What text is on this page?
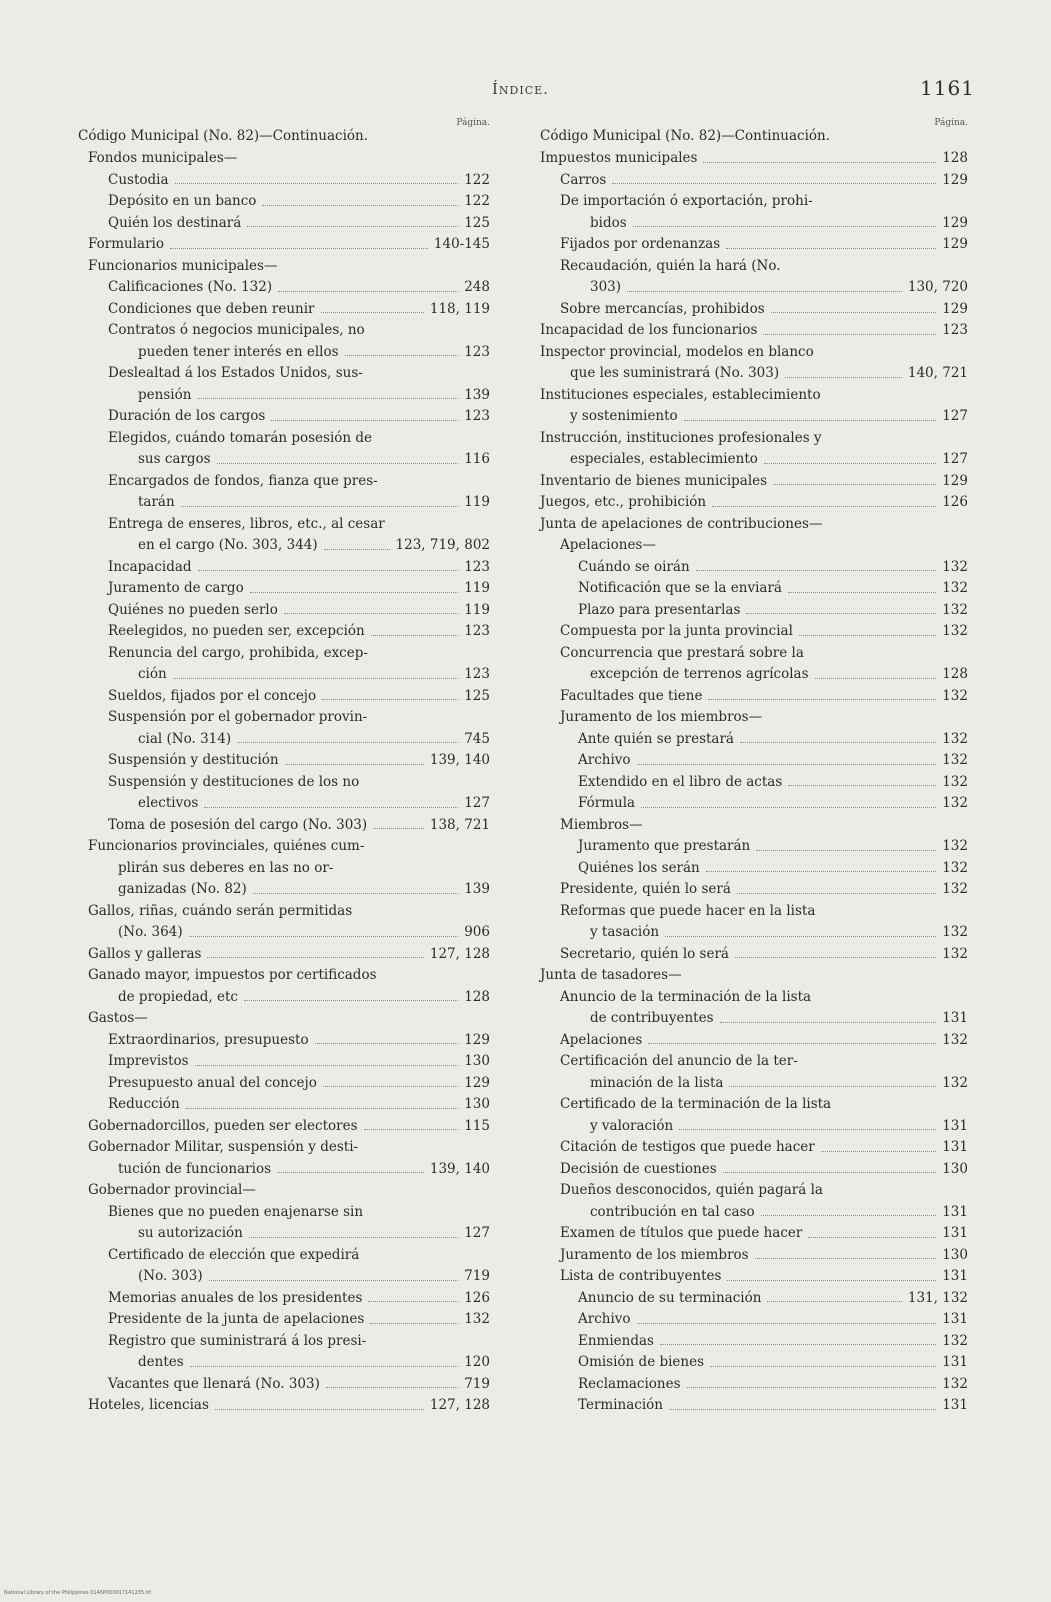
Índice.	1161
Página.
Código Municipal (No. 82)—Continuación.
Fondos municipales—
Custodia	122
Depósito en un banco	122
Quién los destinará	125
Formulario	140-145
Funcionarios municipales—
Calificaciones (No. 132)	248
Condiciones que deben reunir	118, 119
Contratos ó negocios municipales, no
pueden tener interés en ellos	123
Deslealtad á los Estados Unidos, sus-
pensión	139
Duración de los cargos	123
Elegidos, cuándo tomarán posesión de
sus cargos	116
Encargados de fondos, fianza que pres-
tarán	119
Entrega de enseres, libros, etc., al cesar
en el cargo (No. 303, 344)	123, 719, 802
Incapacidad	123
Juramento de cargo	119
Quiénes no pueden serlo	119
Reelegidos, no pueden ser, excepción	123
Renuncia del cargo, prohibida, excep-
ción	123
Sueldos, fijados por el concejo	125
Suspensión por el gobernador provin-
cial (No. 314)	745
Suspensión y destitución	139, 140
Suspensión y destituciones de los no
electivos	127
Toma de posesión del cargo (No. 303)	138, 721
Funcionarios provinciales, quiénes cum-
plirán sus deberes en las no or-
ganizadas (No. 82)	139
Gallos, riñas, cuándo serán permitidas
(No. 364)	906
Gallos y galleras	127, 128
Ganado mayor, impuestos por certificados
de propiedad, etc	128
Gastos—
Extraordinarios, presupuesto	129
Imprevistos	130
Presupuesto anual del concejo	129
Reducción	130
Gobernadorcillos, pueden ser electores	115
Gobernador Militar, suspensión y desti-
tución de funcionarios	139, 140
Gobernador provincial—
Bienes que no pueden enajenarse sin
su autorización	127
Certificado de elección que expedirá
(No. 303)	719
Memorias anuales de los presidentes	126
Presidente de la junta de apelaciones	132
Registro que suministrará á los presi-
dentes	120
Vacantes que llenará (No. 303)	719
Hoteles, licencias	127, 128
Página.
Código Municipal (No. 82)—Continuación.
Impuestos municipales	128
Carros	129
De importación ó exportación, prohi-
bidos	129
Fijados por ordenanzas	129
Recaudación, quién la hará (No.
303)	130, 720
Sobre mercancías, prohibidos	129
Incapacidad de los funcionarios	123
Inspector provincial, modelos en blanco
que les suministrará (No. 303)	140, 721
Instituciones especiales, establecimiento
y sostenimiento	127
Instrucción, instituciones profesionales y
especiales, establecimiento	127
Inventario de bienes municipales	129
Juegos, etc., prohibición	126
Junta de apelaciones de contribuciones—
Apelaciones—
Cuándo se oirán	132
Notificación que se la enviará	132
Plazo para presentarlas	132
Compuesta por la junta provincial	132
Concurrencia que prestará sobre la
excepción de terrenos agrícolas	128
Facultades que tiene	132
Juramento de los miembros—
Ante quién se prestará	132
Archivo	132
Extendido en el libro de actas	132
Fórmula	132
Miembros—
Juramento que prestarán	132
Quiénes los serán	132
Presidente, quién lo será	132
Reformas que puede hacer en la lista
y tasación	132
Secretario, quién lo será	132
Junta de tasadores—
Anuncio de la terminación de la lista
de contribuyentes	131
Apelaciones	132
Certificación del anuncio de la ter-
minación de la lista	132
Certificado de la terminación de la lista
y valoración	131
Citación de testigos que puede hacer	131
Decisión de cuestiones	130
Dueños desconocidos, quién pagará la
contribución en tal caso	131
Examen de títulos que puede hacer	131
Juramento de los miembros	130
Lista de contribuyentes	131
Anuncio de su terminación	131, 132
Archivo	131
Enmiendas	132
Omisión de bienes	131
Reclamaciones	132
Terminación	131
National Library of the Philippines 0146P000017141235.tif
